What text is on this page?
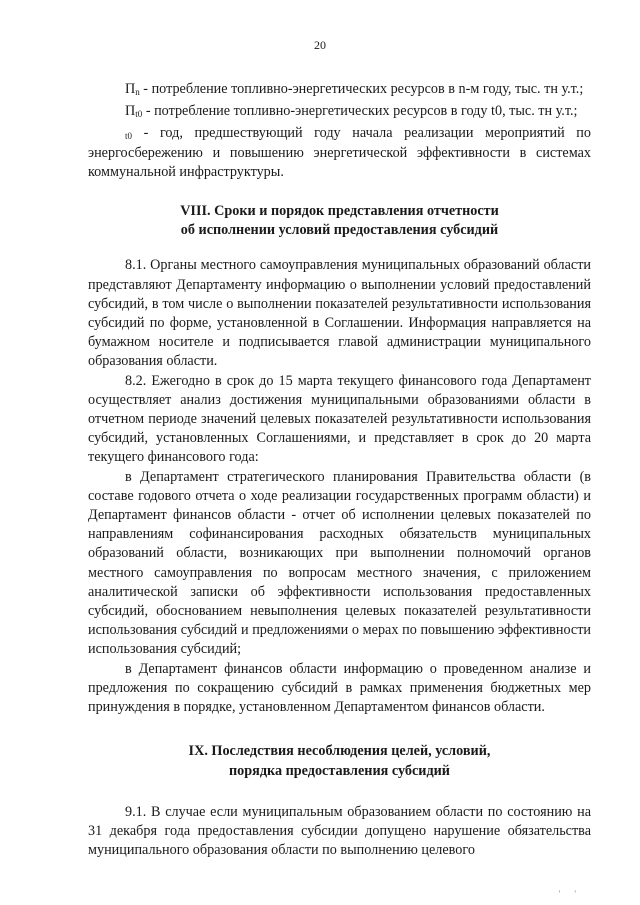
20

$П_n$ - потребление топливно-энергетических ресурсов в n-м году, тыс. тн у.т.;

$П_{t0}$ - потребление топливно-энергетических ресурсов в году t0, тыс. тн у.т.;

$_{t0}$ - год, предшествующий году начала реализации мероприятий по энергосбережению и повышению энергетической эффективности в системах коммунальной инфраструктуры.

VIII. Сроки и порядок представления отчетности
об исполнении условий предоставления субсидий

8.1. Органы местного самоуправления муниципальных образований области представляют Департаменту информацию о выполнении условий предоставлений субсидий, в том числе о выполнении показателей результативности использования субсидий по форме, установленной в Соглашении. Информация направляется на бумажном носителе и подписывается главой администрации муниципального образования области.

8.2. Ежегодно в срок до 15 марта текущего финансового года Департамент осуществляет анализ достижения муниципальными образованиями области в отчетном периоде значений целевых показателей результативности использования субсидий, установленных Соглашениями, и представляет в срок до 20 марта текущего финансового года:

в Департамент стратегического планирования Правительства области (в составе годового отчета о ходе реализации государственных программ области) и Департамент финансов области - отчет об исполнении целевых показателей по направлениям софинансирования расходных обязательств муниципальных образований области, возникающих при выполнении полномочий органов местного самоуправления по вопросам местного значения, с приложением аналитической записки об эффективности использования предоставленных субсидий, обоснованием невыполнения целевых показателей результативности использования субсидий и предложениями о мерах по повышению эффективности использования субсидий;

в Департамент финансов области информацию о проведенном анализе и предложения по сокращению субсидий в рамках применения бюджетных мер принуждения в порядке, установленном Департаментом финансов области.

IX. Последствия несоблюдения целей, условий,
порядка предоставления субсидий

9.1. В случае если муниципальным образованием области по состоянию на 31 декабря года предоставления субсидии допущено нарушение обязательства муниципального образования области по выполнению целевого

' '
